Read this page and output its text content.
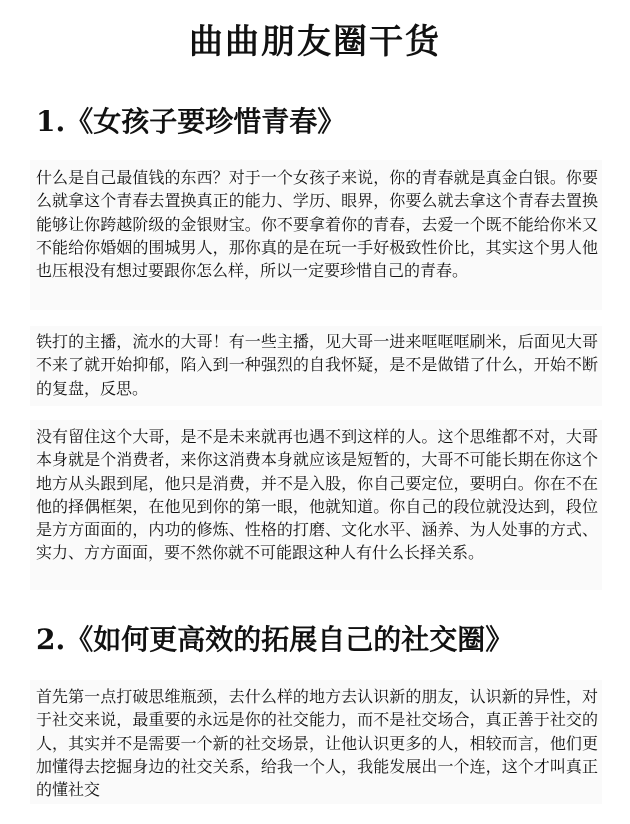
曲曲朋友圈干货
1.《女孩子要珍惜青春》

什么是自己最值钱的东西？对于一个女孩子来说，你的青春就是真金白银。你要么就拿这个青春去置换真正的能力、学历、眼界，你要么就去拿这个青春去置换能够让你跨越阶级的金银财宝。你不要拿着你的青春，去爱一个既不能给你米又不能给你婚姻的围城男人，那你真的是在玩一手好极致性价比，其实这个男人他也压根没有想过要跟你怎么样，所以一定要珍惜自己的青春。

铁打的主播，流水的大哥！有一些主播，见大哥一进来哐哐哐刷米，后面见大哥不来了就开始抑郁，陷入到一种强烈的自我怀疑，是不是做错了什么，开始不断的复盘，反思。

没有留住这个大哥，是不是未来就再也遇不到这样的人。这个思维都不对，大哥本身就是个消费者，来你这消费本身就应该是短暂的，大哥不可能长期在你这个地方从头跟到尾，他只是消费，并不是入股，你自己要定位，要明白。你在不在他的择偶框架，在他见到你的第一眼，他就知道。你自己的段位就没达到，段位是方方面面的，内功的修炼、性格的打磨、文化水平、涵养、为人处事的方式、实力、方方面面，要不然你就不可能跟这种人有什么长择关系。

2.《如何更高效的拓展自己的社交圈》

首先第一点打破思维瓶颈，去什么样的地方去认识新的朋友，认识新的异性，对于社交来说，最重要的永远是你的社交能力，而不是社交场合，真正善于社交的人，其实并不是需要一个新的社交场景，让他认识更多的人，相较而言，他们更加懂得去挖掘身边的社交关系，给我一个人，我能发展出一个连，这个才叫真正的懂社交
